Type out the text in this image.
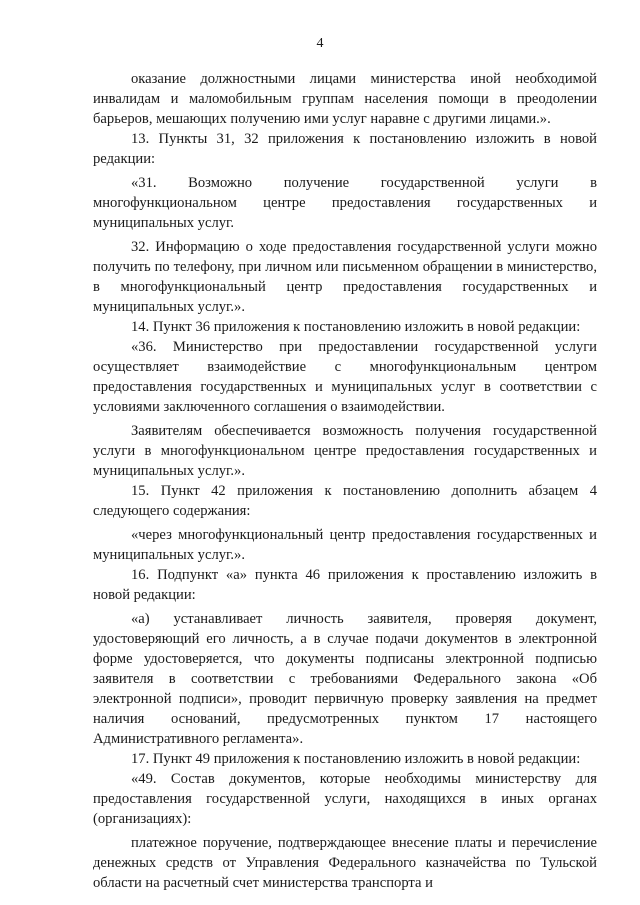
4

оказание должностными лицами министерства иной необходимой инвалидам и маломобильным группам населения помощи в преодолении барьеров, мешающих получению ими услуг наравне с другими лицами.».

13. Пункты 31, 32 приложения к постановлению изложить в новой редакции:

«31. Возможно получение государственной услуги в многофункциональном центре предоставления государственных и муниципальных услуг.

32. Информацию о ходе предоставления государственной услуги можно получить по телефону, при личном или письменном обращении в министерство, в многофункциональный центр предоставления государственных и муниципальных услуг.».

14. Пункт 36 приложения к постановлению изложить в новой редакции:

«36. Министерство при предоставлении государственной услуги осуществляет взаимодействие с многофункциональным центром предоставления государственных и муниципальных услуг в соответствии с условиями заключенного соглашения о взаимодействии.

Заявителям обеспечивается возможность получения государственной услуги в многофункциональном центре предоставления государственных и муниципальных услуг.».

15. Пункт 42 приложения к постановлению дополнить абзацем 4 следующего содержания:

«через многофункциональный центр предоставления государственных и муниципальных услуг.».

16. Подпункт «а» пункта 46 приложения к проставлению изложить в новой редакции:

«а) устанавливает личность заявителя, проверяя документ, удостоверяющий его личность, а в случае подачи документов в электронной форме удостоверяется, что документы подписаны электронной подписью заявителя в соответствии с требованиями Федерального закона «Об электронной подписи», проводит первичную проверку заявления на предмет наличия оснований, предусмотренных пунктом 17 настоящего Административного регламента».

17. Пункт 49 приложения к постановлению изложить в новой редакции:

«49. Состав документов, которые необходимы министерству для предоставления государственной услуги, находящихся в иных органах (организациях):

платежное поручение, подтверждающее внесение платы и перечисление денежных средств от Управления Федерального казначейства по Тульской области на расчетный счет министерства транспорта и
